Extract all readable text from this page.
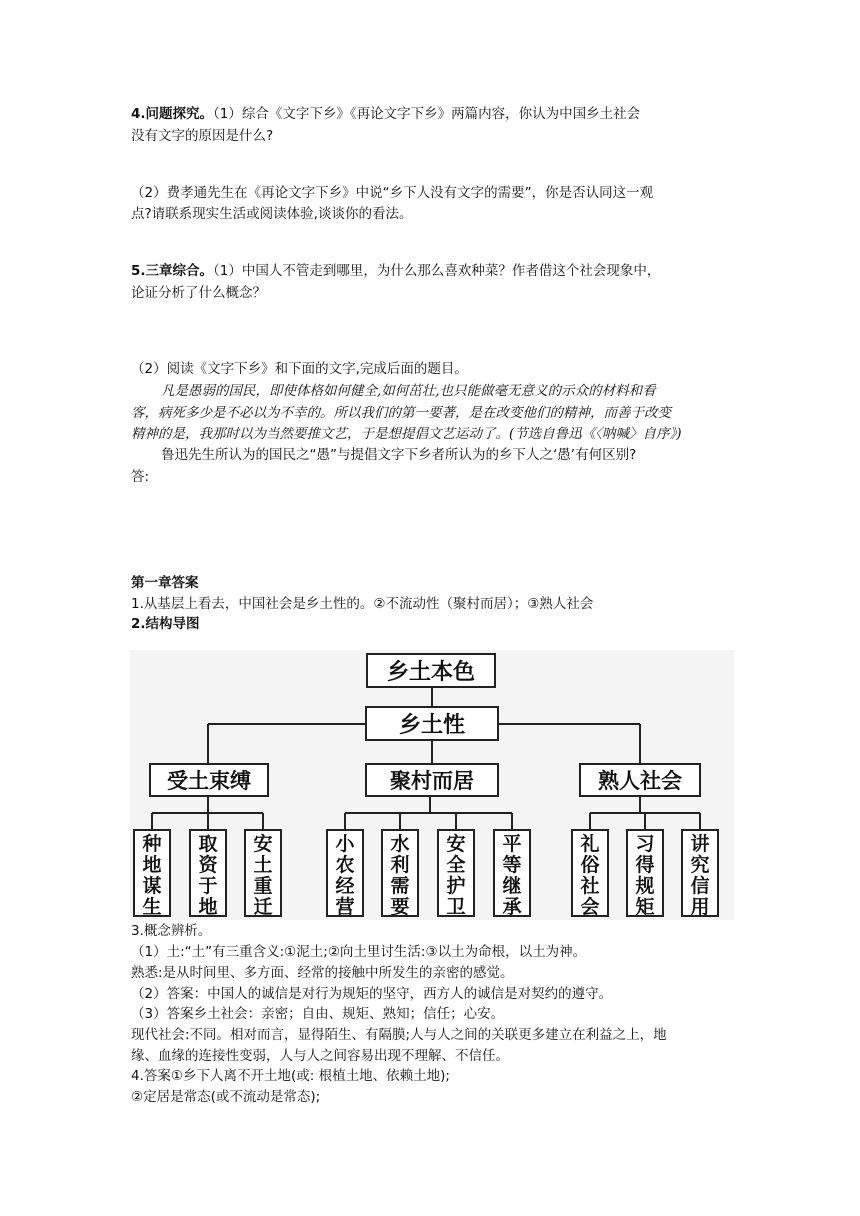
4.问题探究。（1）综合《文字下乡》《再论文字下乡》两篇内容，你认为中国乡土社会
没有文字的原因是什么?
（2）费孝通先生在《再论文字下乡》中说“乡下人没有文字的需要”，你是否认同这一观
点?请联系现实生活或阅读体验,谈谈你的看法。
5.三章综合。（1）中国人不管走到哪里，为什么那么喜欢种菜？作者借这个社会现象中，
论证分析了什么概念？
（2）阅读《文字下乡》和下面的文字,完成后面的题目。
凡是愚弱的国民，即使体格如何健全,如何茁壮,也只能做毫无意义的示众的材料和看
客，病死多少是不必以为不幸的。所以我们的第一要著，是在改变他们的精神，而善于改变
精神的是，我那时以为当然要推文艺，于是想提倡文艺运动了。(节选自鲁迅《〈呐喊〉自序》)
鲁迅先生所认为的国民之“愚”与提倡文字下乡者所认为的乡下人之‘愚’有何区别?
答:
第一章答案
1.从基层上看去，中国社会是乡土性的。②不流动性（聚村而居）；③熟人社会
2.结构导图
乡土本色
乡土性
受土束缚	聚村而居	熟人社会
种地谋生
取资于地
安土重迁
小农经营
水利需要
安全护卫
平等继承
礼俗社会
习得规矩
讲究信用
3.概念辨析。
（1）土:“土”有三重含义:①泥土;②向土里讨生活:③以土为命根，以土为神。
熟悉:是从时间里、多方面、经常的接触中所发生的亲密的感觉。
（2）答案：中国人的诚信是对行为规矩的坚守，西方人的诚信是对契约的遵守。
（3）答案乡土社会：亲密；自由、规矩、熟知；信任；心安。
现代社会:不同。相对而言，显得陌生、有隔膜;人与人之间的关联更多建立在利益之上，地
缘、血缘的连接性变弱，人与人之间容易出现不理解、不信任。
4.答案①乡下人离不开土地(或: 根植土地、依赖土地);
②定居是常态(或不流动是常态);
